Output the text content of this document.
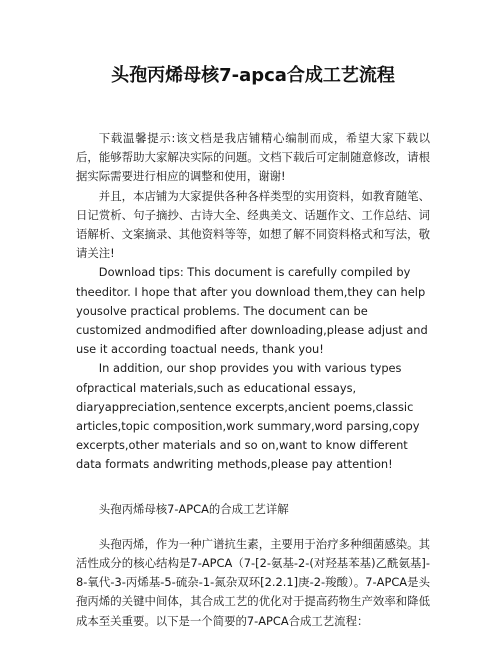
头孢丙烯母核7-apca合成工艺流程

下载温馨提示:该文档是我店铺精心编制而成，希望大家下载以后，能够帮助大家解决实际的问题。文档下载后可定制随意修改，请根据实际需要进行相应的调整和使用，谢谢!

并且，本店铺为大家提供各种各样类型的实用资料，如教育随笔、日记赏析、句子摘抄、古诗大全、经典美文、话题作文、工作总结、词语解析、文案摘录、其他资料等等，如想了解不同资料格式和写法，敬请关注!

Download tips: This document is carefully compiled by theeditor. I hope that after you download them,they can help yousolve practical problems. The document can be customized andmodified after downloading,please adjust and use it according toactual needs, thank you!

In addition, our shop provides you with various types ofpractical materials,such as educational essays, diaryappreciation,sentence excerpts,ancient poems,classic articles,topic composition,work summary,word parsing,copy excerpts,other materials and so on,want to know different data formats andwriting methods,please pay attention!

头孢丙烯母核7-APCA的合成工艺详解

头孢丙烯，作为一种广谱抗生素，主要用于治疗多种细菌感染。其活性成分的核心结构是7-APCA（7-[2-氨基-2-(对羟基苯基)乙酰氨基]-8-氧代-3-丙烯基-5-硫杂-1-氮杂双环[2.2.1]庚-2-羧酸）。7-APCA是头孢丙烯的关键中间体，其合成工艺的优化对于提高药物生产效率和降低成本至关重要。以下是一个简要的7-APCA合成工艺流程：
